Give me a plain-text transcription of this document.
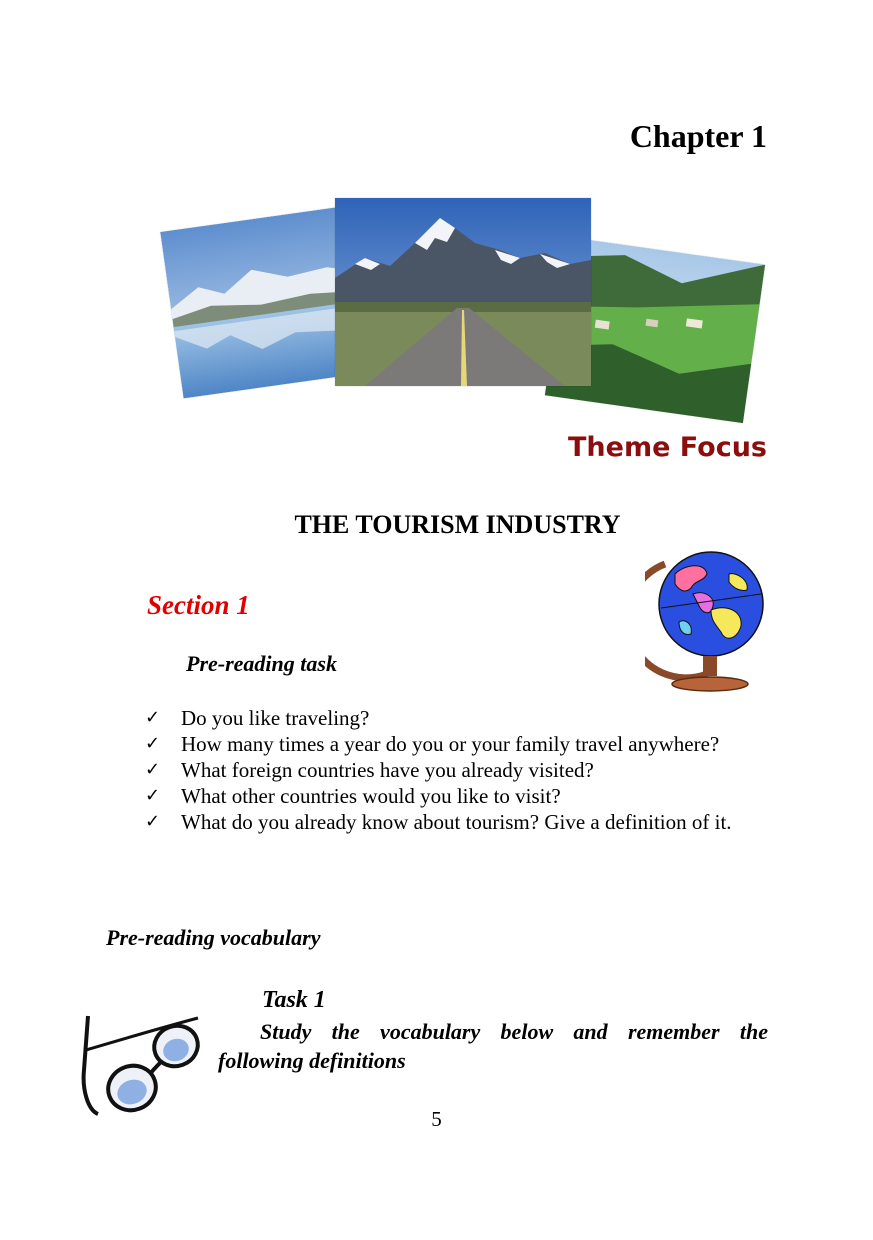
Chapter 1
Theme Focus
THE TOURISM INDUSTRY
Section 1
Pre-reading task
✓ Do you like traveling?
✓ How many times a year do you or your family travel anywhere?
✓ What foreign countries have you already visited?
✓ What other countries would you like to visit?
✓ What do you already know about tourism? Give a definition of it.
Pre-reading vocabulary
Task 1
Study the vocabulary below and remember the following definitions
5
